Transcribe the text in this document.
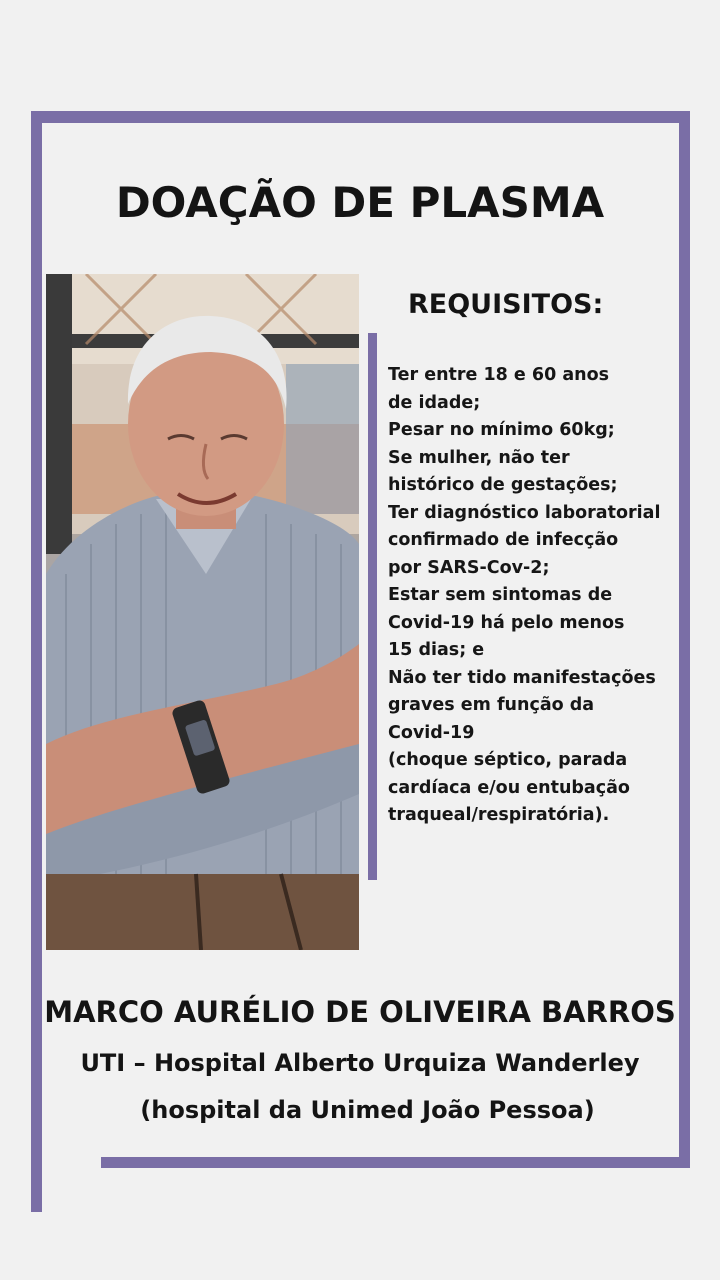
DOAÇÃO DE PLASMA
REQUISITOS:
Ter entre 18 e 60 anos
de idade;
Pesar no mínimo 60kg;
Se mulher, não ter
histórico de gestações;
Ter diagnóstico laboratorial
confirmado de infecção
por SARS-Cov-2;
Estar sem sintomas de
Covid-19 há pelo menos
15 dias; e
Não ter tido manifestações
graves em função da
Covid-19
(choque séptico, parada
cardíaca e/ou entubação
traqueal/respiratória).
MARCO AURÉLIO DE OLIVEIRA BARROS
UTI – Hospital Alberto Urquiza Wanderley
(hospital da Unimed João Pessoa)
